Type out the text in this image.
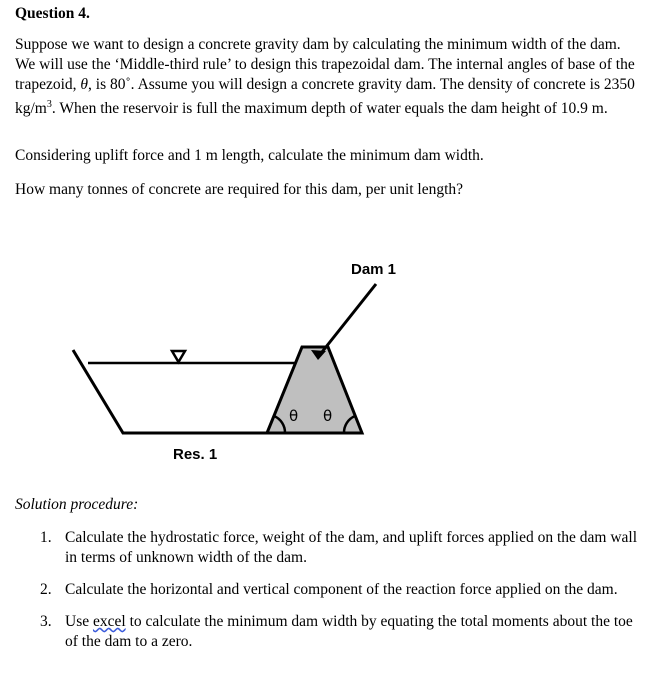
Question 4.
Suppose we want to design a concrete gravity dam by calculating the minimum width of the dam. We will use the ‘Middle-third rule’ to design this trapezoidal dam. The internal angles of base of the trapezoid, θ, is 80˚. Assume you will design a concrete gravity dam. The density of concrete is 2350 $kg/m^3$. When the reservoir is full the maximum depth of water equals the dam height of 10.9 m.
Considering uplift force and 1 m length, calculate the minimum dam width.
How many tonnes of concrete are required for this dam, per unit length?
Dam 1
Res. 1
θ θ
Solution procedure:
1. Calculate the hydrostatic force, weight of the dam, and uplift forces applied on the dam wall in terms of unknown width of the dam.
2. Calculate the horizontal and vertical component of the reaction force applied on the dam.
3. Use excel to calculate the minimum dam width by equating the total moments about the toe of the dam to a zero.
